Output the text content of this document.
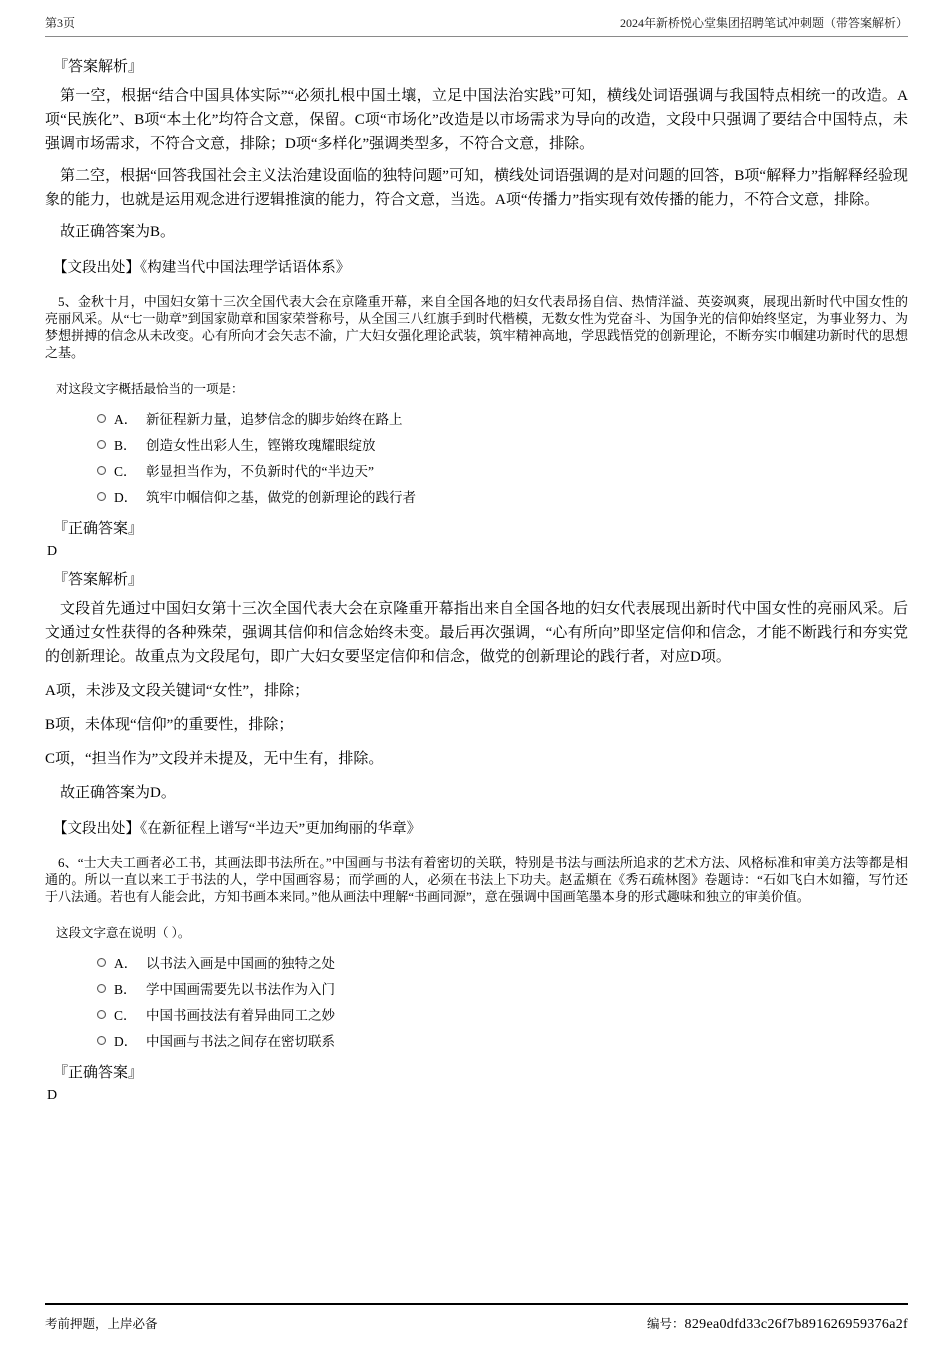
第3页	2024年新桥悦心堂集团招聘笔试冲刺题（带答案解析）
『答案解析』

第一空，根据“结合中国具体实际”“必须扎根中国土壤，立足中国法治实践”可知，横线处词语强调与我国特点相统一的改造。A项“民族化”、B项“本土化”均符合文意，保留。C项“市场化”改造是以市场需求为导向的改造，文段中只强调了要结合中国特点，未强调市场需求，不符合文意，排除；D项“多样化”强调类型多，不符合文意，排除。

第二空，根据“回答我国社会主义法治建设面临的独特问题”可知，横线处词语强调的是对问题的回答，B项“解释力”指解释经验现象的能力，也就是运用观念进行逻辑推演的能力，符合文意，当选。A项“传播力”指实现有效传播的能力，不符合文意，排除。

故正确答案为B。

【文段出处】《构建当代中国法理学话语体系》

5、金秋十月，中国妇女第十三次全国代表大会在京隆重开幕，来自全国各地的妇女代表昂扬自信、热情洋溢、英姿飒爽，展现出新时代中国女性的亮丽风采。从“七一勋章”到国家勋章和国家荣誉称号，从全国三八红旗手到时代楷模，无数女性为党奋斗、为国争光的信仰始终坚定，为事业努力、为梦想拼搏的信念从未改变。心有所向才会矢志不渝，广大妇女强化理论武装，筑牢精神高地，学思践悟党的创新理论，不断夯实巾帼建功新时代的思想之基。

对这段文字概括最恰当的一项是：

A． 新征程新力量，追梦信念的脚步始终在路上
B． 创造女性出彩人生，铿锵玫瑰耀眼绽放
C． 彰显担当作为，不负新时代的“半边天”
D． 筑牢巾帼信仰之基，做党的创新理论的践行者
『正确答案』
D
『答案解析』

文段首先通过中国妇女第十三次全国代表大会在京隆重开幕指出来自全国各地的妇女代表展现出新时代中国女性的亮丽风采。后文通过女性获得的各种殊荣，强调其信仰和信念始终未变。最后再次强调，“心有所向”即坚定信仰和信念，才能不断践行和夯实党的创新理论。故重点为文段尾句，即广大妇女要坚定信仰和信念，做党的创新理论的践行者，对应D项。

A项，未涉及文段关键词“女性”，排除；

B项，未体现“信仰”的重要性，排除；

C项，“担当作为”文段并未提及，无中生有，排除。

故正确答案为D。

【文段出处】《在新征程上谱写“半边天”更加绚丽的华章》

6、“士大夫工画者必工书，其画法即书法所在。”中国画与书法有着密切的关联，特别是书法与画法所追求的艺术方法、风格标准和审美方法等都是相通的。所以一直以来工于书法的人，学中国画容易；而学画的人，必须在书法上下功夫。赵孟頫在《秀石疏林图》卷题诗：“石如飞白木如籀，写竹还于八法通。若也有人能会此，方知书画本来同。”他从画法中理解“书画同源”，意在强调中国画笔墨本身的形式趣味和独立的审美价值。

这段文字意在说明（ ）。

A． 以书法入画是中国画的独特之处
B． 学中国画需要先以书法作为入门
C． 中国书画技法有着异曲同工之妙
D． 中国画与书法之间存在密切联系
『正确答案』
D
考前押题，上岸必备	编号： 829ea0dfd33c26f7b891626959376a2f
